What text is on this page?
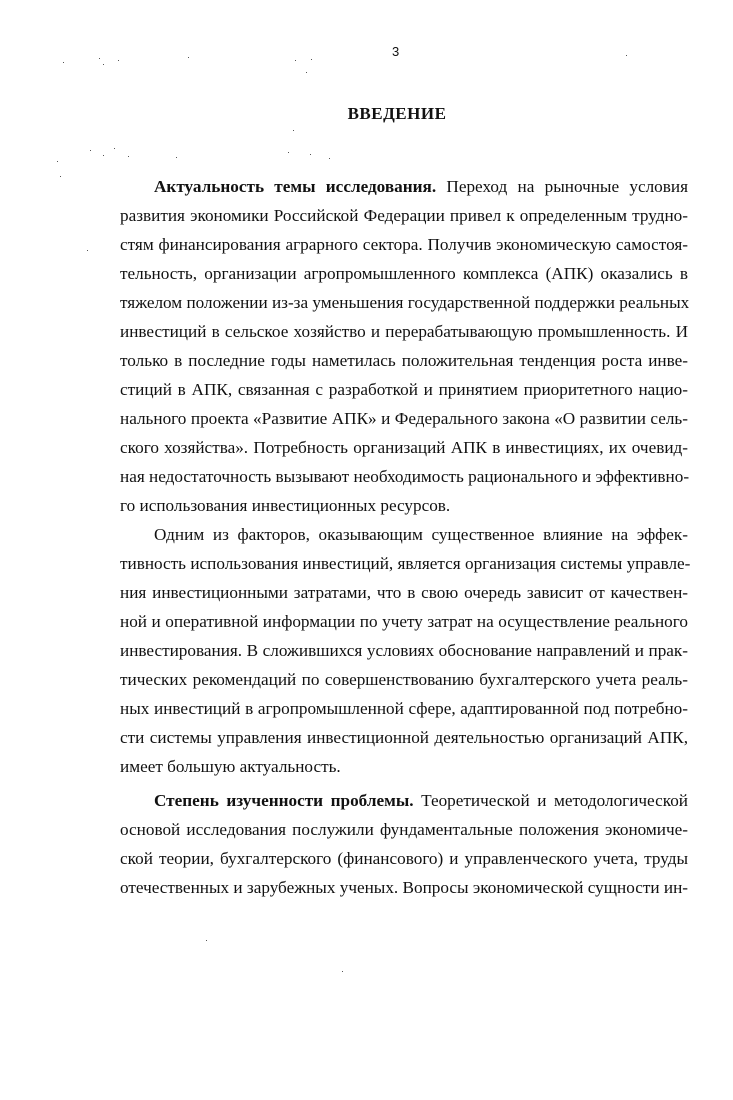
3
ВВЕДЕНИЕ
Актуальность темы исследования. Переход на рыночные условия
развития экономики Российской Федерации привел к определенным трудно-
стям финансирования аграрного сектора. Получив экономическую самостоя-
тельность, организации агропромышленного комплекса (АПК) оказались в
тяжелом положении из-за уменьшения государственной поддержки реальных
инвестиций в сельское хозяйство и перерабатывающую промышленность. И
только в последние годы наметилась положительная тенденция роста инве-
стиций в АПК, связанная с разработкой и принятием приоритетного нацио-
нального проекта «Развитие АПК» и Федерального закона «О развитии сель-
ского хозяйства». Потребность организаций АПК в инвестициях, их очевид-
ная недостаточность вызывают необходимость рационального и эффективно-
го использования инвестиционных ресурсов.
Одним из факторов, оказывающим существенное влияние на эффек-
тивность использования инвестиций, является организация системы управле-
ния инвестиционными затратами, что в свою очередь зависит от качествен-
ной и оперативной информации по учету затрат на осуществление реального
инвестирования. В сложившихся условиях обоснование направлений и прак-
тических рекомендаций по совершенствованию бухгалтерского учета реаль-
ных инвестиций в агропромышленной сфере, адаптированной под потребно-
сти системы управления инвестиционной деятельностью организаций АПК,
имеет большую актуальность.
Степень изученности проблемы. Теоретической и методологической
основой исследования послужили фундаментальные положения экономиче-
ской теории, бухгалтерского (финансового) и управленческого учета, труды
отечественных и зарубежных ученых. Вопросы экономической сущности ин-
